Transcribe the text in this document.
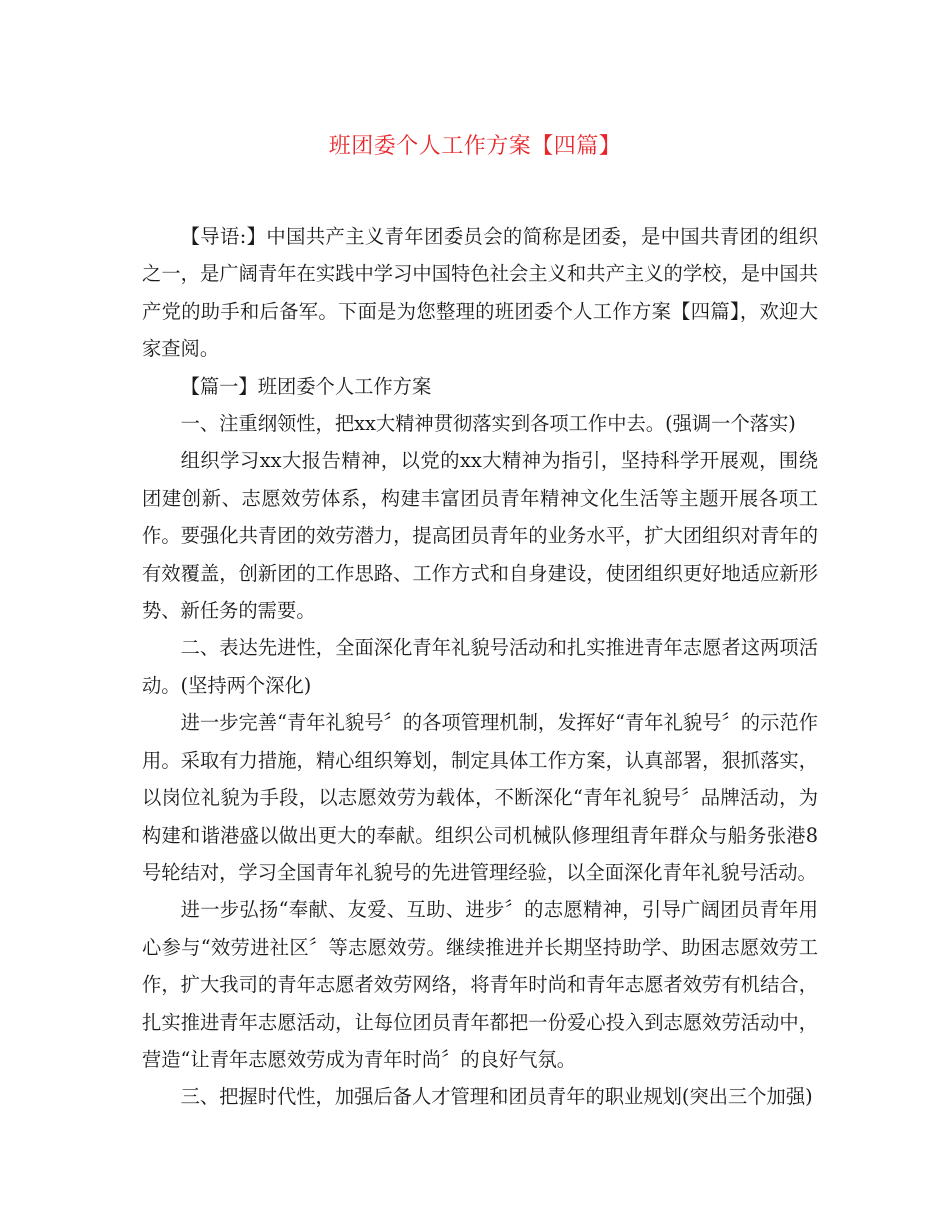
班团委个人工作方案【四篇】

【导语:】中国共产主义青年团委员会的简称是团委，是中国共青团的组织之一，是广阔青年在实践中学习中国特色社会主义和共产主义的学校，是中国共产党的助手和后备军。下面是为您整理的班团委个人工作方案【四篇】，欢迎大家查阅。

【篇一】班团委个人工作方案

一、注重纲领性，把xx大精神贯彻落实到各项工作中去。(强调一个落实)

组织学习xx大报告精神，以党的xx大精神为指引，坚持科学开展观，围绕团建创新、志愿效劳体系，构建丰富团员青年精神文化生活等主题开展各项工作。要强化共青团的效劳潜力，提高团员青年的业务水平，扩大团组织对青年的有效覆盖，创新团的工作思路、工作方式和自身建设，使团组织更好地适应新形势、新任务的需要。

二、表达先进性，全面深化青年礼貌号活动和扎实推进青年志愿者这两项活动。(坚持两个深化)

进一步完善“青年礼貌号〞的各项管理机制，发挥好“青年礼貌号〞的示范作用。采取有力措施，精心组织筹划，制定具体工作方案，认真部署，狠抓落实，以岗位礼貌为手段，以志愿效劳为载体，不断深化“青年礼貌号〞品牌活动，为构建和谐港盛以做出更大的奉献。组织公司机械队修理组青年群众与船务张港8号轮结对，学习全国青年礼貌号的先进管理经验，以全面深化青年礼貌号活动。

进一步弘扬“奉献、友爱、互助、进步〞的志愿精神，引导广阔团员青年用心参与“效劳进社区〞等志愿效劳。继续推进并长期坚持助学、助困志愿效劳工作，扩大我司的青年志愿者效劳网络，将青年时尚和青年志愿者效劳有机结合，扎实推进青年志愿活动，让每位团员青年都把一份爱心投入到志愿效劳活动中，营造“让青年志愿效劳成为青年时尚〞的良好气氛。

三、把握时代性，加强后备人才管理和团员青年的职业规划(突出三个加强)
